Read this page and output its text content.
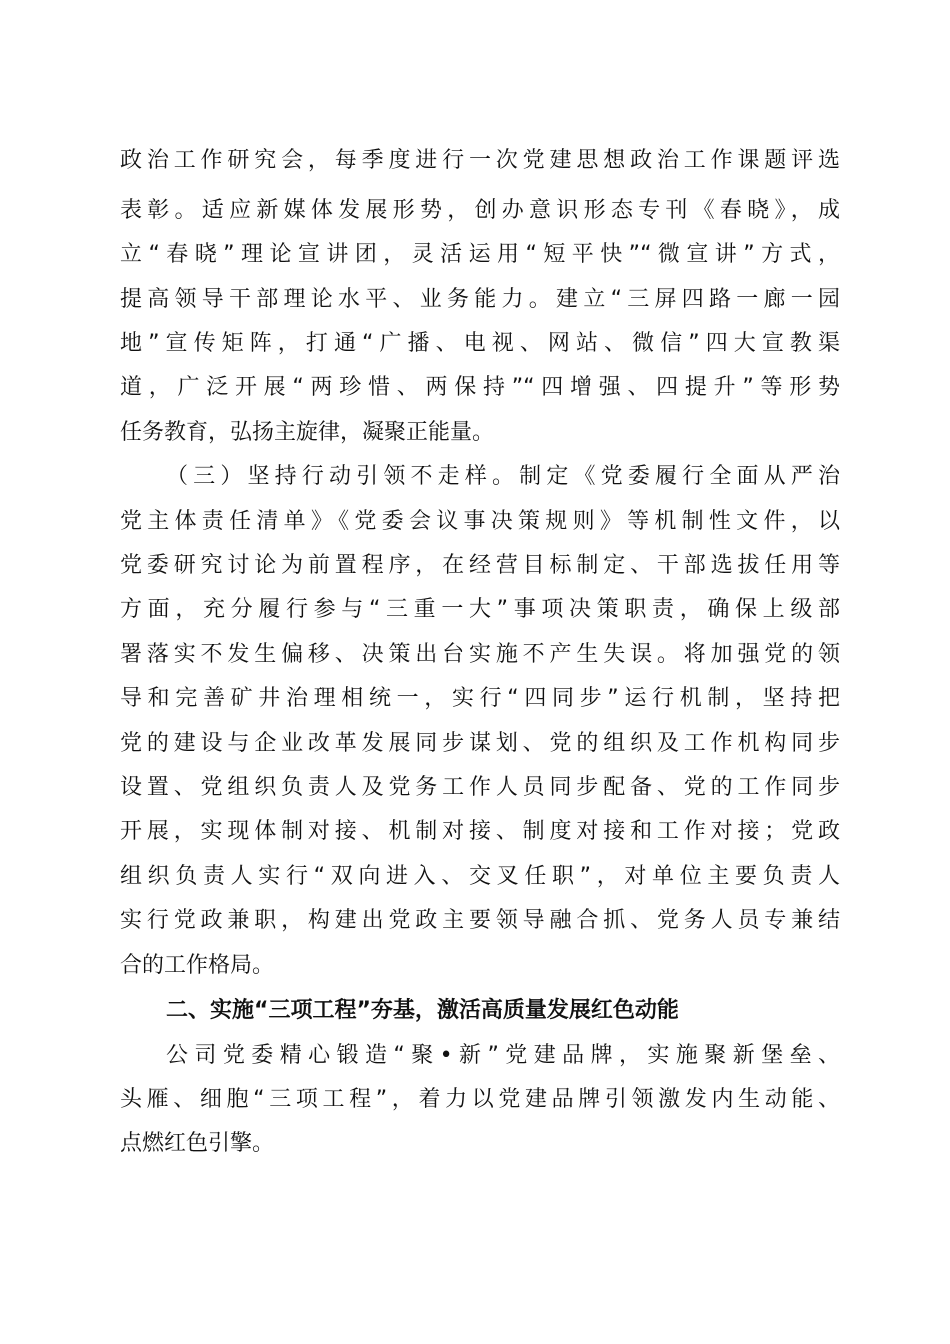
政治工作研究会，每季度进行一次党建思想政治工作课题评选
表彰。适应新媒体发展形势，创办意识形态专刊《春晓》，成
立“春晓”理论宣讲团，灵活运用“短平快”“微宣讲”方式，
提高领导干部理论水平、业务能力。建立“三屏四路一廊一园
地”宣传矩阵，打通“广播、电视、网站、微信”四大宣教渠
道，广泛开展“两珍惜、两保持”“四增强、四提升”等形势
任务教育，弘扬主旋律，凝聚正能量。
（三）坚持行动引领不走样。制定《党委履行全面从严治
党主体责任清单》《党委会议事决策规则》等机制性文件，以
党委研究讨论为前置程序，在经营目标制定、干部选拔任用等
方面，充分履行参与“三重一大”事项决策职责，确保上级部
署落实不发生偏移、决策出台实施不产生失误。将加强党的领
导和完善矿井治理相统一，实行“四同步”运行机制，坚持把
党的建设与企业改革发展同步谋划、党的组织及工作机构同步
设置、党组织负责人及党务工作人员同步配备、党的工作同步
开展，实现体制对接、机制对接、制度对接和工作对接；党政
组织负责人实行“双向进入、交叉任职”，对单位主要负责人
实行党政兼职，构建出党政主要领导融合抓、党务人员专兼结
合的工作格局。
二、实施“三项工程”夯基，激活高质量发展红色动能
公司党委精心锻造“聚•新”党建品牌，实施聚新堡垒、
头雁、细胞“三项工程”，着力以党建品牌引领激发内生动能、
点燃红色引擎。
